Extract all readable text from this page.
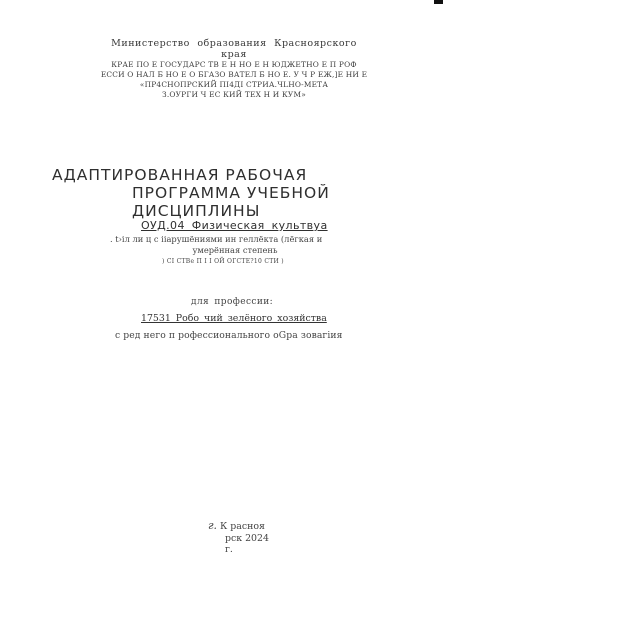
Министерство образования Красноярского края
КРАЕ ПО Е ГОСУДАРС ТВ Е Н НО Е Н ЮДЖЕТНО Е П РОФ
ЕССИ О НАЛ Б НО Е О БГАЗО ВАТЕЛ Б НО Е. У Ч Р ЕЖ,]Е НИ Е
«ПР4СНОПРСКИЙ ПI4ДI СТРИА.ЧLНО-МЕТА
З.ОУРГИ Ч ЕС КИЙ ТЕХ Н И КУМ»
АДАПТИРОВАННАЯ РАБОЧАЯ
ПРОГРАММА УЧЕБНОЙ
ДИСЦИПЛИНЫ
ОУД.04 Физическая культвуа
. t›iл ли ц с iiарушёниями ин геллёкта (лёгкая и
умерённая степень
) СI СТВе П I I ОЙ ОГСТЕ?10 СТИ )
для профессии:
17531 Робо чий зелёного хозяйства
с ред него п рофессионального оGра зовагiия
г. К расноя
рск 2024
г.
